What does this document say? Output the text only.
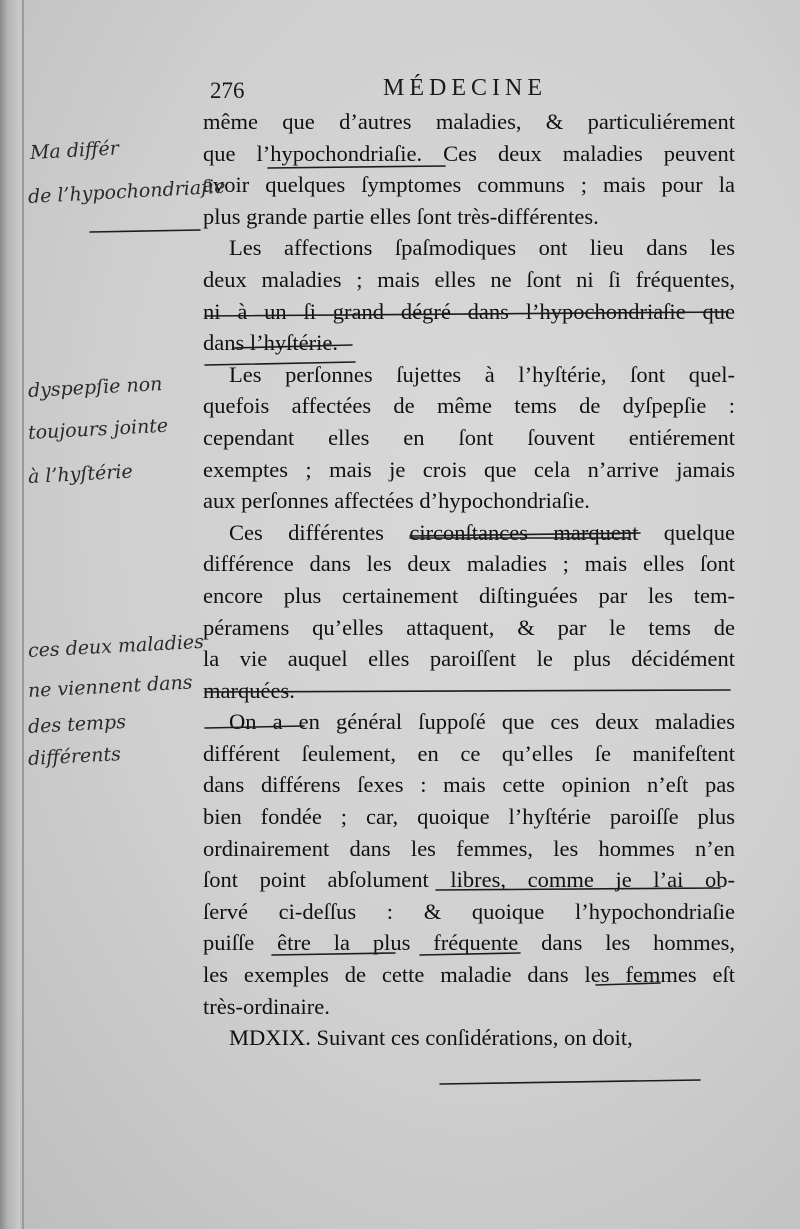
276	MÉDECINE
même que d’autres maladies, & particuliérement
que l’hypochondriaſie. Ces deux maladies peuvent
avoir quelques ſymptomes communs ; mais pour la
plus grande partie elles ſont très-différentes.
Les affections ſpaſmodiques ont lieu dans les
deux maladies ; mais elles ne ſont ni ſi fréquentes,
ni à un ſi grand dégré dans l’hypochondriaſie que
dans l’hyſtérie.
Les perſonnes ſujettes à l’hyſtérie, ſont quel-
quefois affectées de même tems de dyſpepſie :
cependant elles en ſont ſouvent entiérement
exemptes ; mais je crois que cela n’arrive jamais
aux perſonnes affectées d’hypochondriaſie.
Ces différentes circonſtances marquent quelque
différence dans les deux maladies ; mais elles ſont
encore plus certainement diſtinguées par les tem-
péramens qu’elles attaquent, & par le tems de
la vie auquel elles paroiſſent le plus décidément
marquées.
On a en général ſuppoſé que ces deux maladies
différent ſeulement, en ce qu’elles ſe manifeſtent
dans différens ſexes : mais cette opinion n’eſt pas
bien fondée ; car, quoique l’hyſtérie paroiſſe plus
ordinairement dans les femmes, les hommes n’en
ſont point abſolument libres, comme je l’ai ob-
ſervé ci-deſſus : & quoique l’hypochondriaſie
puiſſe être la plus fréquente dans les hommes,
les exemples de cette maladie dans les femmes eſt
très-ordinaire.
MDXIX. Suivant ces conſidérations, on doit,
Ma différ
de l’hypochondriaſie
dyspepſie non
toujours jointe
à l’hyſtérie
ces deux maladies
ne viennent dans
des temps
différents
